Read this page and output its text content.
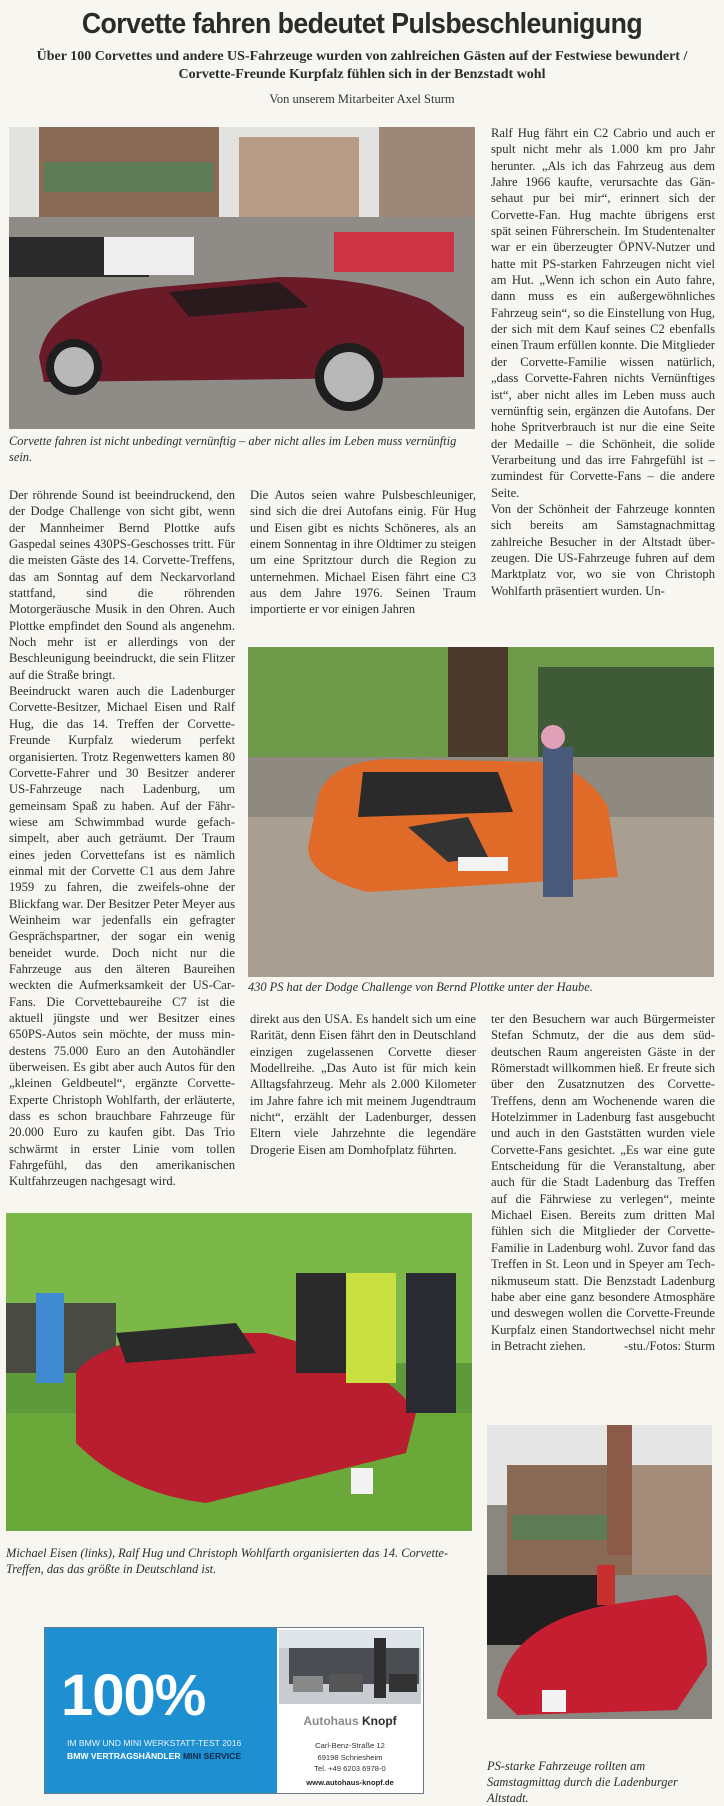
Corvette fahren bedeutet Pulsbeschleunigung
Über 100 Corvettes und andere US-Fahrzeuge wurden von zahlreichen Gästen auf der Festwiese bewundert / Corvette-Freunde Kurpfalz fühlen sich in der Benzstadt wohl
Von unserem Mitarbeiter Axel Sturm
Corvette fahren ist nicht unbedingt vernünftig – aber nicht alles im Leben muss vernünftig sein.

Ralf Hug fährt ein C2 Cabrio und auch er spult nicht mehr als 1.000 km pro Jahr herunter. „Als ich das Fahrzeug aus dem Jahre 1966 kaufte, verursachte das Gänsehaut pur bei mir“, erinnert sich der Corvette-Fan. Hug machte übrigens erst spät seinen Führerschein. Im Studentenalter war er ein überzeugter ÖPNV-Nutzer und hatte mit PS-starken Fahrzeugen nicht viel am Hut. „Wenn ich schon ein Auto fahre, dann muss es ein außergewöhnliches Fahrzeug sein“, so die Einstellung von Hug, der sich mit dem Kauf seines C2 ebenfalls einen Traum erfüllen konnte. Die Mitglieder der Corvette-Familie wissen natürlich, „dass Corvette-Fahren nichts Vernünftiges ist“, aber nicht alles im Leben muss auch vernünftig sein, ergänzen die Autofans. Der hohe Spritverbrauch ist nur die eine Seite der Medaille – die Schönheit, die solide Verarbeitung und das irre Fahrgefühl ist – zumindest für Corvette-Fans – die andere Seite.

Von der Schönheit der Fahrzeuge konnten sich bereits am Samstagnachmittag zahlreiche Besucher in der Altstadt überzeugen. Die US-Fahrzeuge fuhren auf dem Marktplatz vor, wo sie von Christoph Wohlfarth präsentiert wurden. Un-

Der röhrende Sound ist beeindruckend, den der Dodge Challenge von sicht gibt, wenn der Mannheimer Bernd Plottke aufs Gaspedal seines 430PS-Geschosses tritt. Für die meisten Gäste des 14. Corvette-Treffens, das am Sonntag auf dem Neckarvorland stattfand, sind die röhrenden Motorgeräusche Musik in den Ohren. Auch Plottke empfindet den Sound als angenehm. Noch mehr ist er allerdings von der Beschleunigung beeindruckt, die sein Flitzer auf die Straße bringt.

Beeindruckt waren auch die Ladenburger Corvette-Besitzer, Michael Eisen und Ralf Hug, die das 14. Treffen der Corvette-Freunde Kurpfalz wiederum perfekt organisierten. Trotz Regenwetters kamen 80 Corvette-Fahrer und 30 Besitzer anderer US-Fahrzeuge nach Ladenburg, um gemeinsam Spaß zu haben. Auf der Fährwiese am Schwimmbad wurde gefachsimpelt, aber auch geträumt. Der Traum eines jeden Corvettefans ist es nämlich einmal mit der Corvette C1 aus dem Jahre 1959 zu fahren, die zweifels-ohne der Blickfang war. Der Besitzer Peter Meyer aus Weinheim war jedenfalls ein gefragter Gesprächspartner, der sogar ein wenig beneidet wurde. Doch nicht nur die Fahrzeuge aus den älteren Baureihen weckten die Aufmerksamkeit der US-Car-Fans. Die Corvettebaureihe C7 ist die aktuell jüngste und wer Besitzer eines 650PS-Autos sein möchte, der muss mindestens 75.000 Euro an den Autohändler überweisen. Es gibt aber auch Autos für den „kleinen Geldbeutel“, ergänzte Corvette-Experte Christoph Wohlfarth, der erläuterte, dass es schon brauchbare Fahrzeuge für 20.000 Euro zu kaufen gibt. Das Trio schwärmt in erster Linie vom tollen Fahrgefühl, das den amerikanischen Kultfahrzeugen nachgesagt wird.

Die Autos seien wahre Pulsbeschleuniger, sind sich die drei Autofans einig. Für Hug und Eisen gibt es nichts Schöneres, als an einem Sonnentag in ihre Oldtimer zu steigen um eine Spritztour durch die Region zu unternehmen. Michael Eisen fährt eine C3 aus dem Jahre 1976. Seinen Traum importierte er vor einigen Jahren

430 PS hat der Dodge Challenge von Bernd Plottke unter der Haube.

direkt aus den USA. Es handelt sich um eine Rarität, denn Eisen fährt den in Deutschland einzigen zugelassenen Corvette dieser Modellreihe. „Das Auto ist für mich kein Alltagsfahrzeug. Mehr als 2.000 Kilometer im Jahre fahre ich mit meinem Jugendtraum nicht“, erzählt der Ladenburger, dessen Eltern viele Jahrzehnte die legendäre Drogerie Eisen am Domhofplatz führten.

ter den Besuchern war auch Bürgermeister Stefan Schmutz, der die aus dem süddeutschen Raum angereisten Gäste in der Römerstadt willkommen hieß. Er freute sich über den Zusatznutzen des Corvette-Treffens, denn am Wochenende waren die Hotelzimmer in Ladenburg fast ausgebucht und auch in den Gaststätten wurden viele Corvette-Fans gesichtet. „Es war eine gute Entscheidung für die Veranstaltung, aber auch für die Stadt Ladenburg das Treffen auf die Fährwiese zu verlegen“, meinte Michael Eisen. Bereits zum dritten Mal fühlen sich die Mitglieder der Corvette-Familie in Ladenburg wohl. Zuvor fand das Treffen in St. Leon und in Speyer am Technikmuseum statt. Die Benzstadt Ladenburg habe aber eine ganz besondere Atmosphäre und deswegen wollen die Corvette-Freunde Kurpfalz einen Standortwechsel nicht mehr in Betracht ziehen.	-stu./Fotos: Sturm
Michael Eisen (links), Ralf Hug und Christoph Wohlfarth organisierten das 14. Corvette-Treffen, das das größte in Deutschland ist.
PS-starke Fahrzeuge rollten am Samstagmittag durch die Ladenburger Altstadt.
100%
IM BMW UND MINI WERKSTATT-TEST 2016
BMW VERTRAGSHÄNDLER MINI SERVICE
Autohaus Knopf
Carl-Benz-Straße 12
69198 Schriesheim
Tel. +49 6203 6978-0
www.autohaus-knopf.de
